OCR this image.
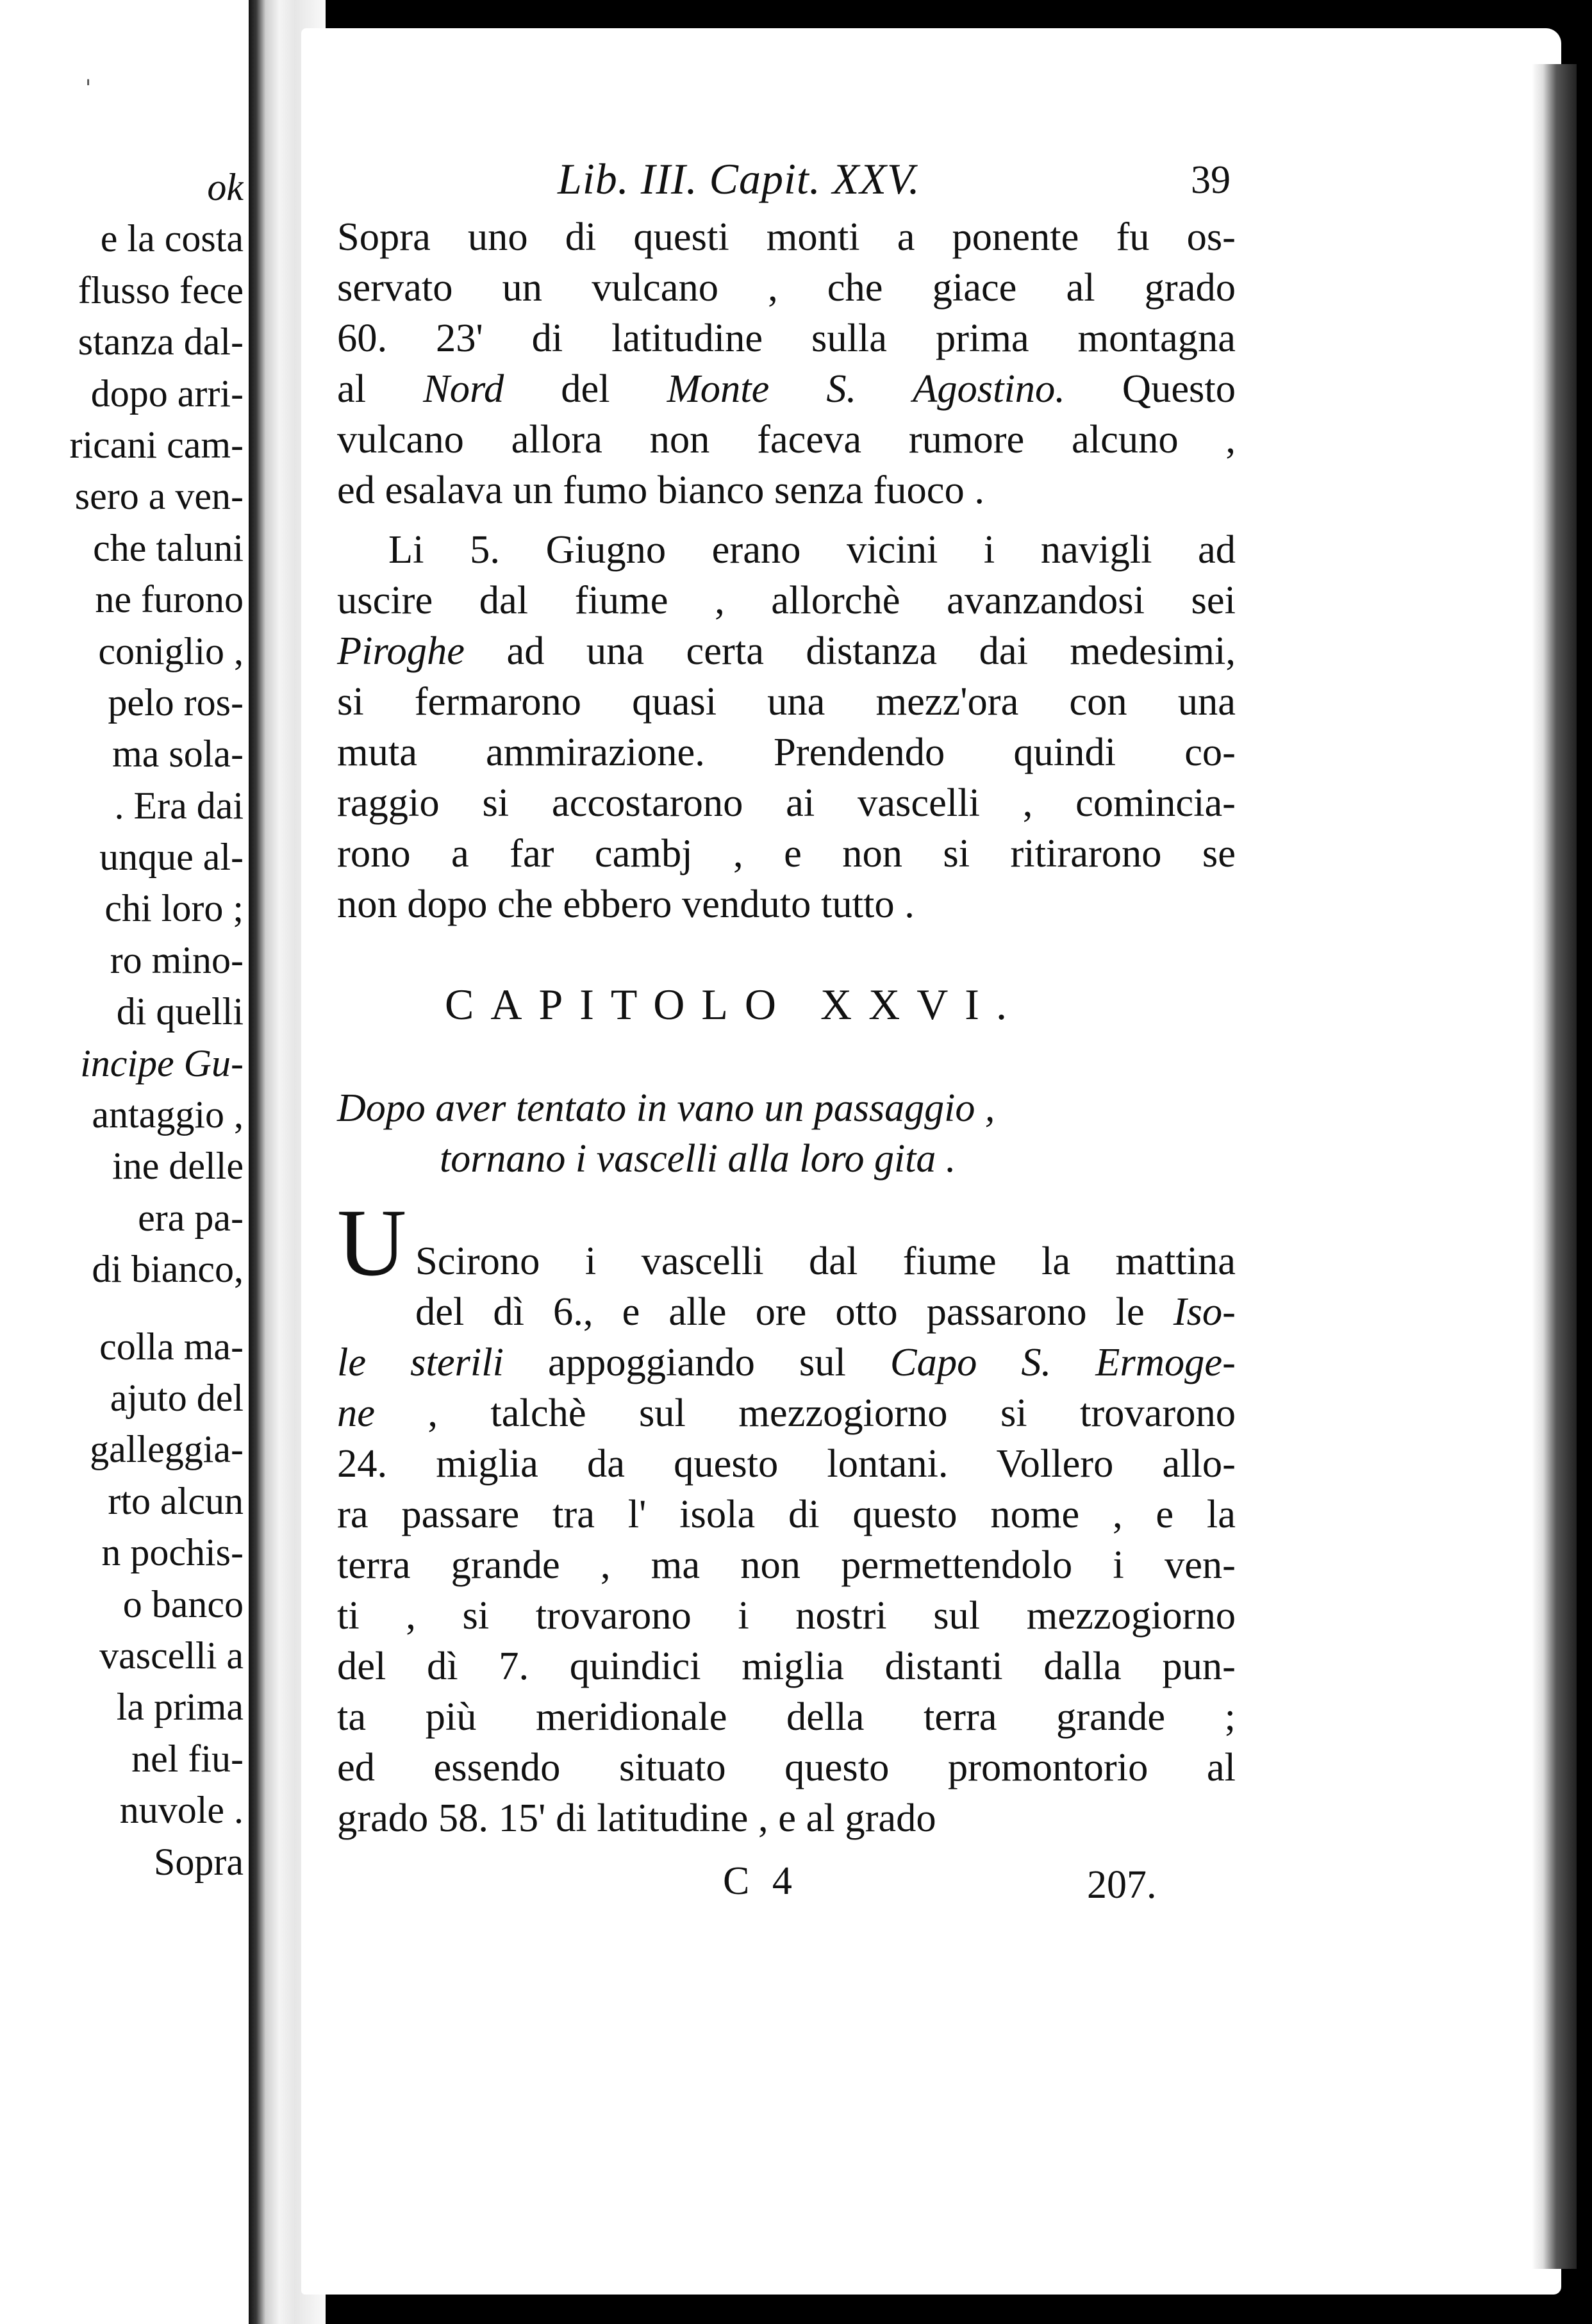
ˈ
ok
e la costa
flusso fece
stanza dal-
dopo arri-
ricani cam-
sero a ven-
che taluni
ne furono
coniglio ,
pelo ros-
ma sola-
. Era dai
unque al-
chi loro ;
ro mino-
di quelli
incipe Gu-
antaggio ,
ine delle
era pa-
di bianco,
colla ma-
ajuto del
galleggia-
rto alcun
n pochis-
o banco
vascelli a
la prima
nel fiu-
nuvole .
Sopra
Lib. III. Capit. XXV.	39
Sopra uno di questi monti a ponente fu os-
servato un vulcano , che giace al grado
60. 23' di latitudine sulla prima montagna
al Nord del Monte S. Agostino. Questo
vulcano allora non faceva rumore alcuno ,
ed esalava un fumo bianco senza fuoco .
Li 5. Giugno erano vicini i navigli ad
uscire dal fiume , allorchè avanzandosi sei
Piroghe ad una certa distanza dai medesimi,
si fermarono quasi una mezz'ora con una
muta ammirazione. Prendendo quindi co-
raggio si accostarono ai vascelli , comincia-
rono a far cambj , e non si ritirarono se
non dopo che ebbero venduto tutto .
CAPITOLO XXVI.
Dopo aver tentato in vano un passaggio ,
tornano i vascelli alla loro gita .
U Scirono i vascelli dal fiume la mattina
del dì 6., e alle ore otto passarono le Iso-
le sterili appoggiando sul Capo S. Ermoge-
ne , talchè sul mezzogiorno si trovarono
24. miglia da questo lontani. Vollero allo-
ra passare tra l' isola di questo nome , e la
terra grande , ma non permettendolo i ven-
ti , si trovarono i nostri sul mezzogiorno
del dì 7. quindici miglia distanti dalla pun-
ta più meridionale della terra grande ;
ed essendo situato questo promontorio al
grado 58. 15' di latitudine , e al grado
C 4	207.
